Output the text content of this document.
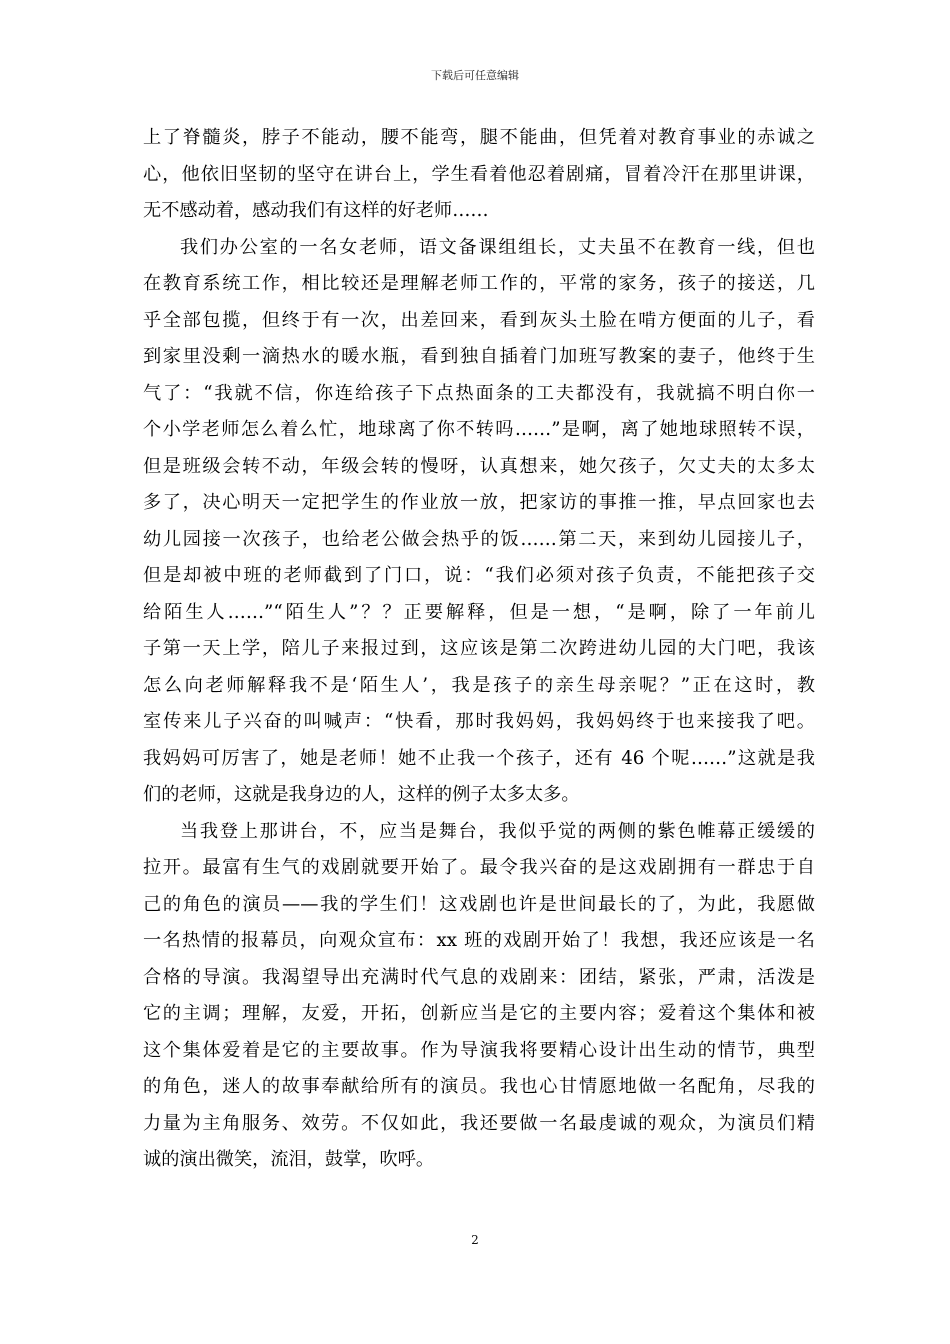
下载后可任意编辑
上了脊髓炎，脖子不能动，腰不能弯，腿不能曲，但凭着对教育事业的赤诚之
心，他依旧坚韧的坚守在讲台上，学生看着他忍着剧痛，冒着冷汗在那里讲课，
无不感动着，感动我们有这样的好老师……
我们办公室的一名女老师，语文备课组组长，丈夫虽不在教育一线，但也
在教育系统工作，相比较还是理解老师工作的，平常的家务，孩子的接送，几
乎全部包揽，但终于有一次，出差回来，看到灰头土脸在啃方便面的儿子，看
到家里没剩一滴热水的暖水瓶，看到独自插着门加班写教案的妻子，他终于生
气了：“我就不信，你连给孩子下点热面条的工夫都没有，我就搞不明白你一
个小学老师怎么着么忙，地球离了你不转吗……”是啊，离了她地球照转不误，
但是班级会转不动，年级会转的慢呀，认真想来，她欠孩子，欠丈夫的太多太
多了，决心明天一定把学生的作业放一放，把家访的事推一推，早点回家也去
幼儿园接一次孩子，也给老公做会热乎的饭……第二天，来到幼儿园接儿子，
但是却被中班的老师截到了门口，说：“我们必须对孩子负责，不能把孩子交
给陌生人……”“陌生人”？？正要解释，但是一想，“是啊，除了一年前儿
子第一天上学，陪儿子来报过到，这应该是第二次跨进幼儿园的大门吧，我该
怎么向老师解释我不是‘陌生人’，我是孩子的亲生母亲呢？”正在这时，教
室传来儿子兴奋的叫喊声：“快看，那时我妈妈，我妈妈终于也来接我了吧。
我妈妈可厉害了，她是老师！她不止我一个孩子，还有 46 个呢……”这就是我
们的老师，这就是我身边的人，这样的例子太多太多。
当我登上那讲台，不，应当是舞台，我似乎觉的两侧的紫色帷幕正缓缓的
拉开。最富有生气的戏剧就要开始了。最令我兴奋的是这戏剧拥有一群忠于自
己的角色的演员——我的学生们！这戏剧也许是世间最长的了，为此，我愿做
一名热情的报幕员，向观众宣布：xx 班的戏剧开始了！我想，我还应该是一名
合格的导演。我渴望导出充满时代气息的戏剧来：团结，紧张，严肃，活泼是
它的主调；理解，友爱，开拓，创新应当是它的主要内容；爱着这个集体和被
这个集体爱着是它的主要故事。作为导演我将要精心设计出生动的情节，典型
的角色，迷人的故事奉献给所有的演员。我也心甘情愿地做一名配角，尽我的
力量为主角服务、效劳。不仅如此，我还要做一名最虔诚的观众，为演员们精
诚的演出微笑，流泪，鼓掌，吹呼。
2
